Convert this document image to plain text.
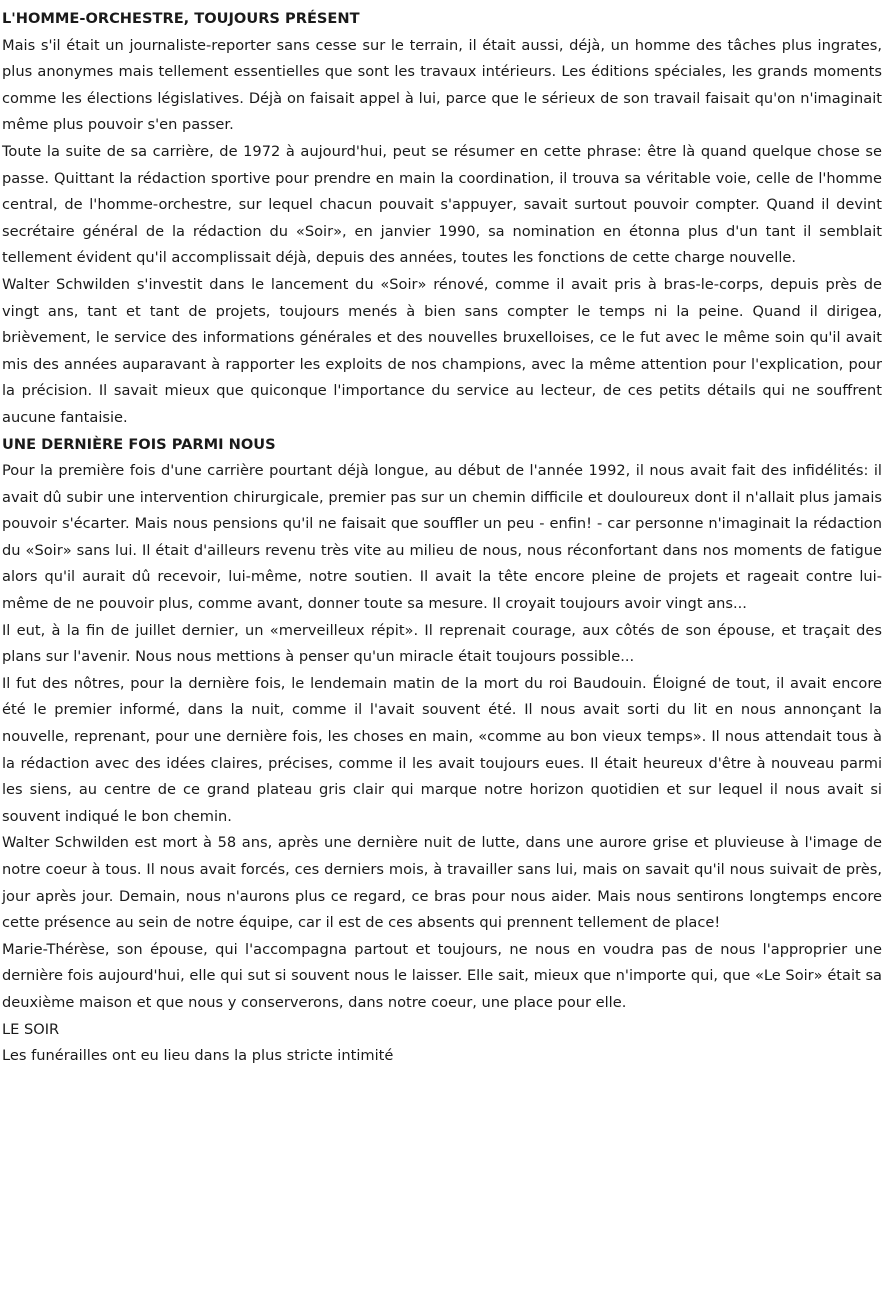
L'HOMME-ORCHESTRE, TOUJOURS PRÉSENT

Mais s'il était un journaliste-reporter sans cesse sur le terrain, il était aussi, déjà, un homme des tâches plus ingrates, plus anonymes mais tellement essentielles que sont les travaux intérieurs. Les éditions spéciales, les grands moments comme les élections législatives. Déjà on faisait appel à lui, parce que le sérieux de son travail faisait qu'on n'imaginait même plus pouvoir s'en passer.

Toute la suite de sa carrière, de 1972 à aujourd'hui, peut se résumer en cette phrase: être là quand quelque chose se passe. Quittant la rédaction sportive pour prendre en main la coordination, il trouva sa véritable voie, celle de l'homme central, de l'homme-orchestre, sur lequel chacun pouvait s'appuyer, savait surtout pouvoir compter. Quand il devint secrétaire général de la rédaction du «Soir», en janvier 1990, sa nomination en étonna plus d'un tant il semblait tellement évident qu'il accomplissait déjà, depuis des années, toutes les fonctions de cette charge nouvelle.

Walter Schwilden s'investit dans le lancement du «Soir» rénové, comme il avait pris à bras-le-corps, depuis près de vingt ans, tant et tant de projets, toujours menés à bien sans compter le temps ni la peine. Quand il dirigea, brièvement, le service des informations générales et des nouvelles bruxelloises, ce le fut avec le même soin qu'il avait mis des années auparavant à rapporter les exploits de nos champions, avec la même attention pour l'explication, pour la précision. Il savait mieux que quiconque l'importance du service au lecteur, de ces petits détails qui ne souffrent aucune fantaisie.

UNE DERNIÈRE FOIS PARMI NOUS

Pour la première fois d'une carrière pourtant déjà longue, au début de l'année 1992, il nous avait fait des infidélités: il avait dû subir une intervention chirurgicale, premier pas sur un chemin difficile et douloureux dont il n'allait plus jamais pouvoir s'écarter. Mais nous pensions qu'il ne faisait que souffler un peu - enfin! - car personne n'imaginait la rédaction du «Soir» sans lui. Il était d'ailleurs revenu très vite au milieu de nous, nous réconfortant dans nos moments de fatigue alors qu'il aurait dû recevoir, lui-même, notre soutien. Il avait la tête encore pleine de projets et rageait contre lui-même de ne pouvoir plus, comme avant, donner toute sa mesure. Il croyait toujours avoir vingt ans...

Il eut, à la fin de juillet dernier, un «merveilleux répit». Il reprenait courage, aux côtés de son épouse, et traçait des plans sur l'avenir. Nous nous mettions à penser qu'un miracle était toujours possible...

Il fut des nôtres, pour la dernière fois, le lendemain matin de la mort du roi Baudouin. Éloigné de tout, il avait encore été le premier informé, dans la nuit, comme il l'avait souvent été. Il nous avait sorti du lit en nous annonçant la nouvelle, reprenant, pour une dernière fois, les choses en main, «comme au bon vieux temps». Il nous attendait tous à la rédaction avec des idées claires, précises, comme il les avait toujours eues. Il était heureux d'être à nouveau parmi les siens, au centre de ce grand plateau gris clair qui marque notre horizon quotidien et sur lequel il nous avait si souvent indiqué le bon chemin.

Walter Schwilden est mort à 58 ans, après une dernière nuit de lutte, dans une aurore grise et pluvieuse à l'image de notre coeur à tous. Il nous avait forcés, ces derniers mois, à travailler sans lui, mais on savait qu'il nous suivait de près, jour après jour. Demain, nous n'aurons plus ce regard, ce bras pour nous aider. Mais nous sentirons longtemps encore cette présence au sein de notre équipe, car il est de ces absents qui prennent tellement de place!

Marie-Thérèse, son épouse, qui l'accompagna partout et toujours, ne nous en voudra pas de nous l'approprier une dernière fois aujourd'hui, elle qui sut si souvent nous le laisser. Elle sait, mieux que n'importe qui, que «Le Soir» était sa deuxième maison et que nous y conserverons, dans notre coeur, une place pour elle.

LE SOIR

Les funérailles ont eu lieu dans la plus stricte intimité
